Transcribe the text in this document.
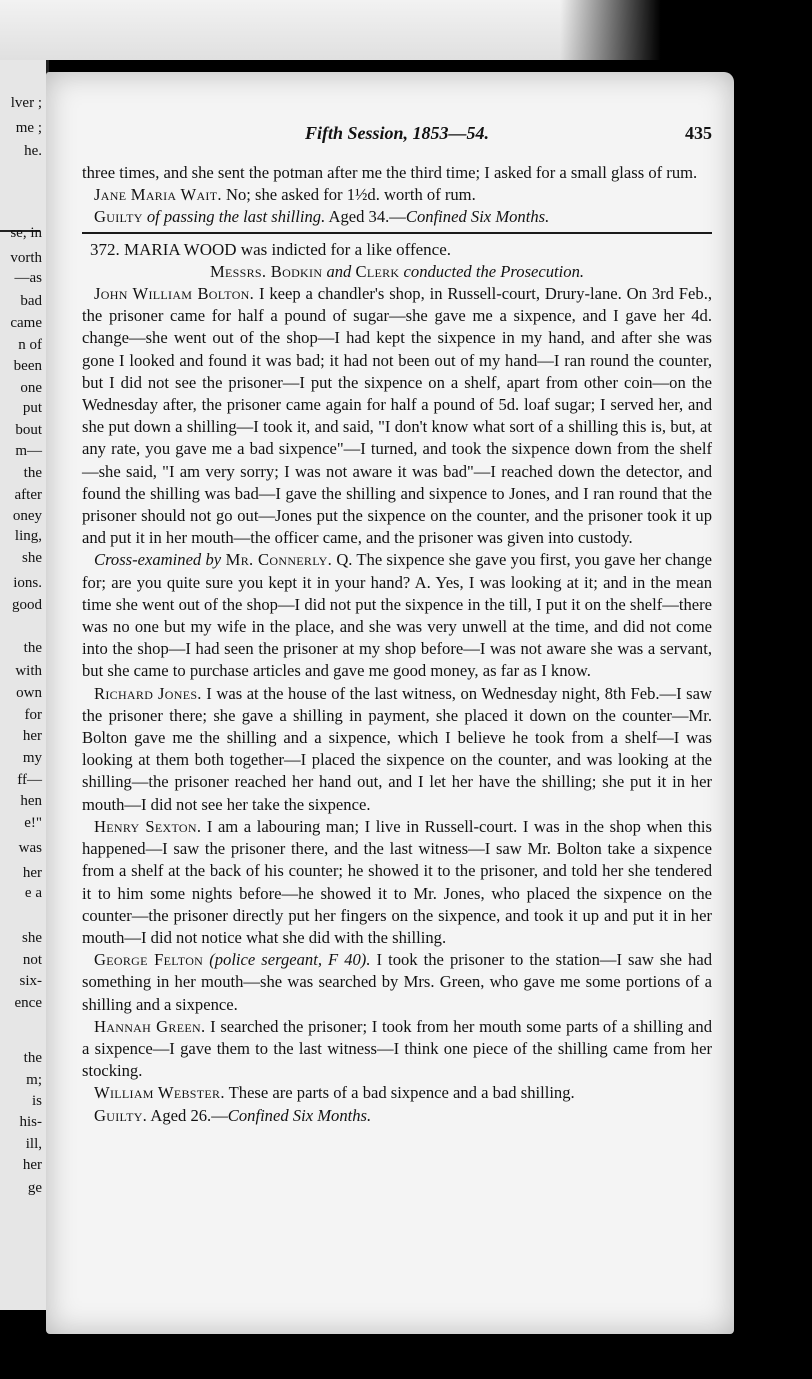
lver ;
me ;
he.
se, in
vorth
—as
bad
came
n of
been
one
put
bout
m—
the
after
oney
ling,
she
ions.
good
the
with
own
for
her
my
ff—
hen
e!"
was
her
e a
she
not
six-
ence
the
m;
is
his-
ill,
her
ge
Fifth Session, 1853—54.	435

three times, and she sent the potman after me the third time; I asked for a small glass of rum.

Jane Maria Wait. No; she asked for 1½d. worth of rum.

Guilty of passing the last shilling. Aged 34.—Confined Six Months.

372. MARIA WOOD was indicted for a like offence.

Messrs. Bodkin and Clerk conducted the Prosecution.

John William Bolton. I keep a chandler's shop, in Russell-court, Drury-lane. On 3rd Feb., the prisoner came for half a pound of sugar—she gave me a sixpence, and I gave her 4d. change—she went out of the shop—I had kept the sixpence in my hand, and after she was gone I looked and found it was bad; it had not been out of my hand—I ran round the counter, but I did not see the prisoner—I put the sixpence on a shelf, apart from other coin—on the Wednesday after, the prisoner came again for half a pound of 5d. loaf sugar; I served her, and she put down a shilling—I took it, and said, "I don't know what sort of a shilling this is, but, at any rate, you gave me a bad sixpence"—I turned, and took the sixpence down from the shelf—she said, "I am very sorry; I was not aware it was bad"—I reached down the detector, and found the shilling was bad—I gave the shilling and sixpence to Jones, and I ran round that the prisoner should not go out—Jones put the sixpence on the counter, and the prisoner took it up and put it in her mouth—the officer came, and the prisoner was given into custody.

Cross-examined by Mr. Connerly. Q. The sixpence she gave you first, you gave her change for; are you quite sure you kept it in your hand? A. Yes, I was looking at it; and in the mean time she went out of the shop—I did not put the sixpence in the till, I put it on the shelf—there was no one but my wife in the place, and she was very unwell at the time, and did not come into the shop—I had seen the prisoner at my shop before—I was not aware she was a servant, but she came to purchase articles and gave me good money, as far as I know.

Richard Jones. I was at the house of the last witness, on Wednesday night, 8th Feb.—I saw the prisoner there; she gave a shilling in payment, she placed it down on the counter—Mr. Bolton gave me the shilling and a sixpence, which I believe he took from a shelf—I was looking at them both together—I placed the sixpence on the counter, and was looking at the shilling—the prisoner reached her hand out, and I let her have the shilling; she put it in her mouth—I did not see her take the sixpence.

Henry Sexton. I am a labouring man; I live in Russell-court. I was in the shop when this happened—I saw the prisoner there, and the last witness—I saw Mr. Bolton take a sixpence from a shelf at the back of his counter; he showed it to the prisoner, and told her she tendered it to him some nights before—he showed it to Mr. Jones, who placed the sixpence on the counter—the prisoner directly put her fingers on the sixpence, and took it up and put it in her mouth—I did not notice what she did with the shilling.

George Felton (police sergeant, F 40). I took the prisoner to the station—I saw she had something in her mouth—she was searched by Mrs. Green, who gave me some portions of a shilling and a sixpence.

Hannah Green. I searched the prisoner; I took from her mouth some parts of a shilling and a sixpence—I gave them to the last witness—I think one piece of the shilling came from her stocking.

William Webster. These are parts of a bad sixpence and a bad shilling.

Guilty. Aged 26.—Confined Six Months.
